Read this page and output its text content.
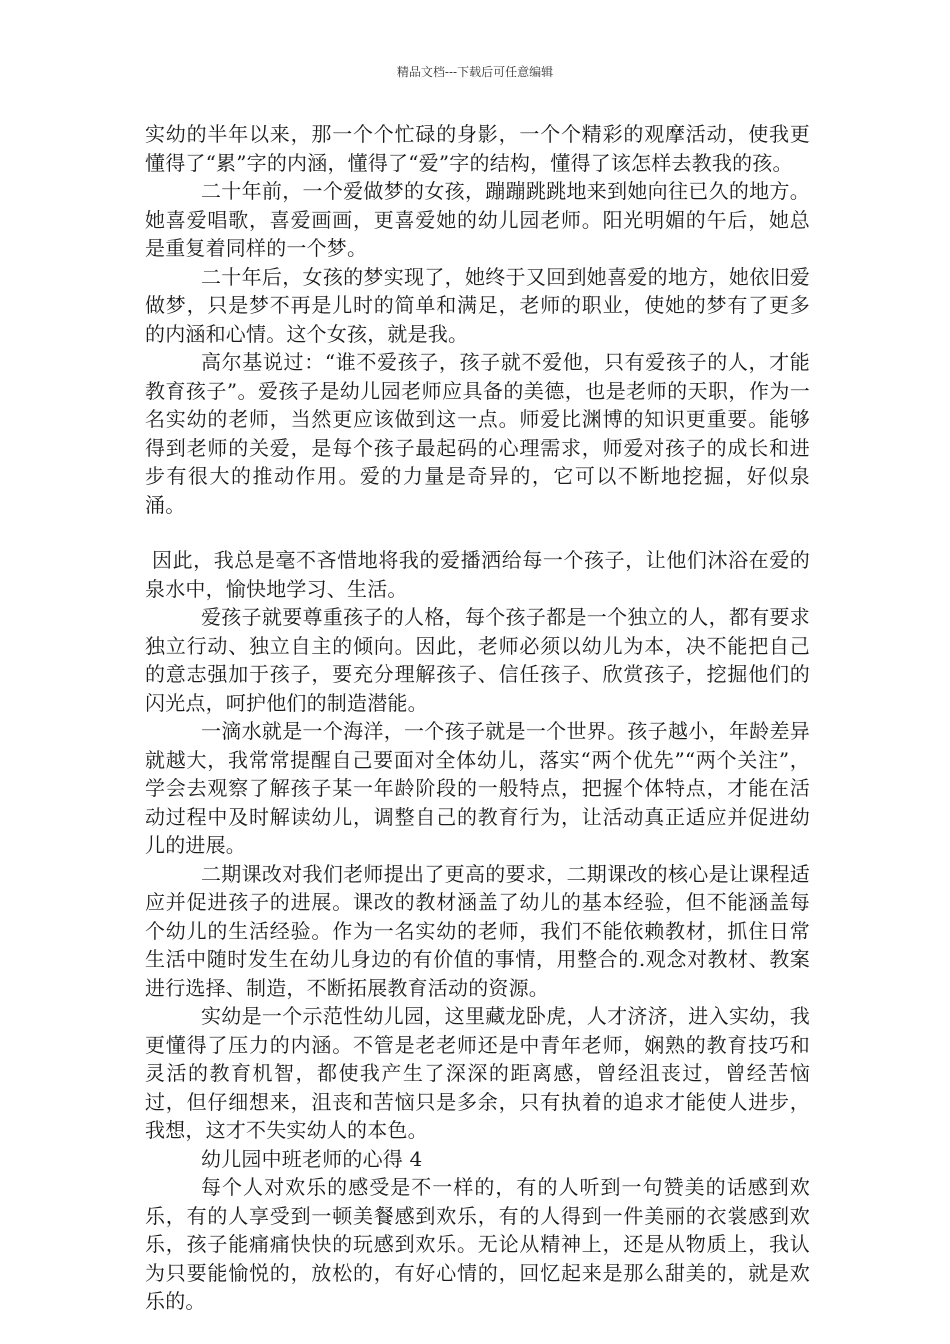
精品文档---下载后可任意编辑

实幼的半年以来，那一个个忙碌的身影，一个个精彩的观摩活动，使我更懂得了“累”字的内涵，懂得了“爱”字的结构，懂得了该怎样去教我的孩。

二十年前，一个爱做梦的女孩，蹦蹦跳跳地来到她向往已久的地方。她喜爱唱歌，喜爱画画，更喜爱她的幼儿园老师。阳光明媚的午后，她总是重复着同样的一个梦。

二十年后，女孩的梦实现了，她终于又回到她喜爱的地方，她依旧爱做梦，只是梦不再是儿时的简单和满足，老师的职业，使她的梦有了更多的内涵和心情。这个女孩，就是我。

高尔基说过：“谁不爱孩子，孩子就不爱他，只有爱孩子的人，才能教育孩子”。爱孩子是幼儿园老师应具备的美德，也是老师的天职，作为一名实幼的老师，当然更应该做到这一点。师爱比渊博的知识更重要。能够得到老师的关爱，是每个孩子最起码的心理需求，师爱对孩子的成长和进步有很大的推动作用。爱的力量是奇异的，它可以不断地挖掘，好似泉涌。

因此，我总是毫不吝惜地将我的爱播洒给每一个孩子，让他们沐浴在爱的泉水中，愉快地学习、生活。

爱孩子就要尊重孩子的人格，每个孩子都是一个独立的人，都有要求独立行动、独立自主的倾向。因此，老师必须以幼儿为本，决不能把自己的意志强加于孩子，要充分理解孩子、信任孩子、欣赏孩子，挖掘他们的闪光点，呵护他们的制造潜能。

一滴水就是一个海洋，一个孩子就是一个世界。孩子越小，年龄差异就越大，我常常提醒自己要面对全体幼儿，落实“两个优先”“两个关注”，学会去观察了解孩子某一年龄阶段的一般特点，把握个体特点，才能在活动过程中及时解读幼儿，调整自己的教育行为，让活动真正适应并促进幼儿的进展。

二期课改对我们老师提出了更高的要求，二期课改的核心是让课程适应并促进孩子的进展。课改的教材涵盖了幼儿的基本经验，但不能涵盖每个幼儿的生活经验。作为一名实幼的老师，我们不能依赖教材，抓住日常生活中随时发生在幼儿身边的有价值的事情，用整合的.观念对教材、教案进行选择、制造，不断拓展教育活动的资源。

实幼是一个示范性幼儿园，这里藏龙卧虎，人才济济，进入实幼，我更懂得了压力的内涵。不管是老老师还是中青年老师，娴熟的教育技巧和灵活的教育机智，都使我产生了深深的距离感，曾经沮丧过，曾经苦恼过，但仔细想来，沮丧和苦恼只是多余，只有执着的追求才能使人进步，我想，这才不失实幼人的本色。

幼儿园中班老师的心得 4

每个人对欢乐的感受是不一样的，有的人听到一句赞美的话感到欢乐，有的人享受到一顿美餐感到欢乐，有的人得到一件美丽的衣裳感到欢乐，孩子能痛痛快快的玩感到欢乐。无论从精神上，还是从物质上，我认为只要能愉悦的，放松的，有好心情的，回忆起来是那么甜美的，就是欢乐的。
